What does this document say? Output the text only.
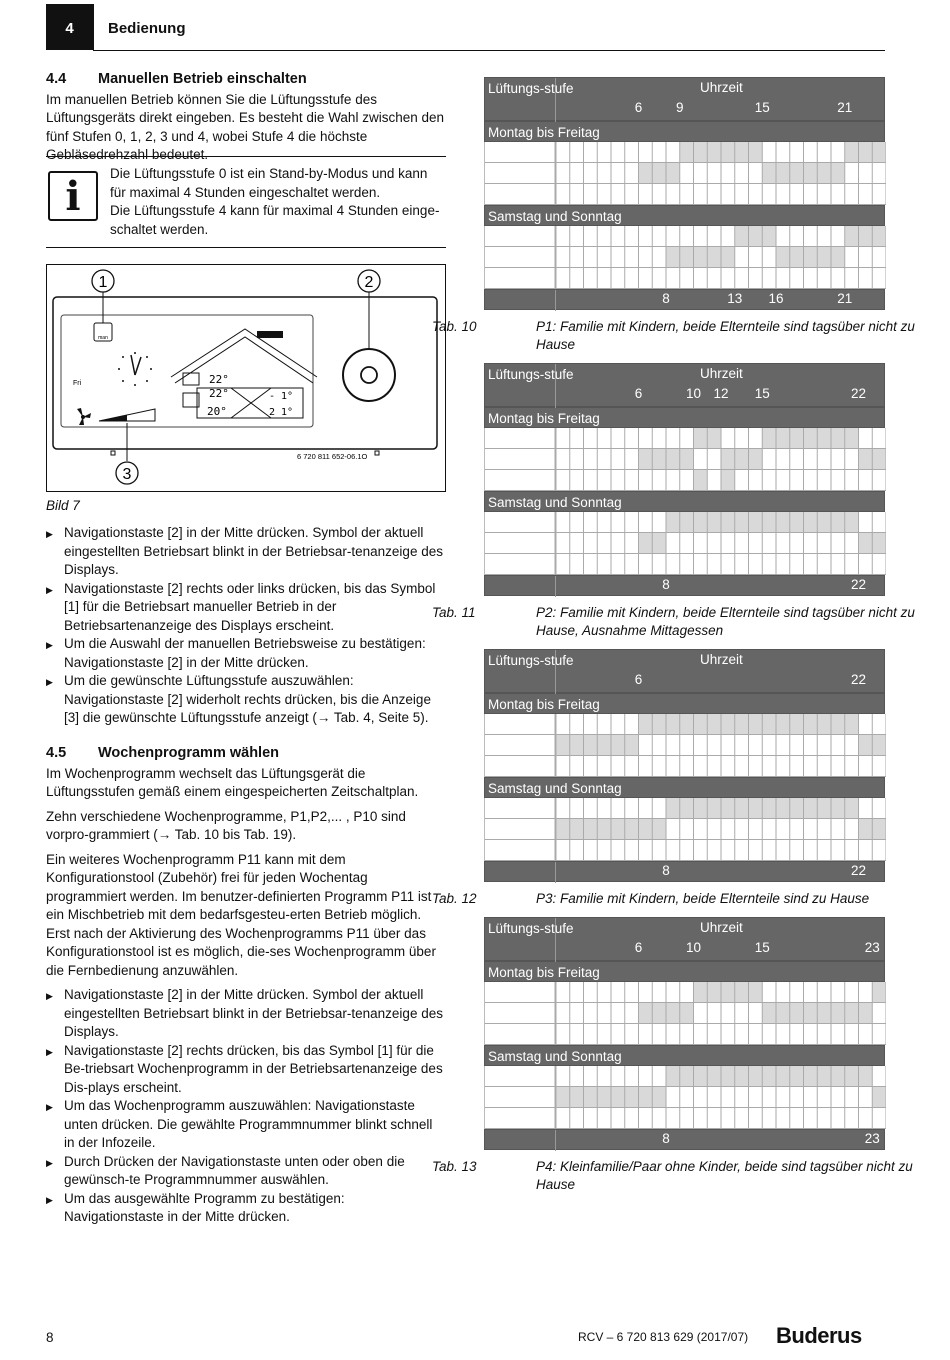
4	Bedienung
4.4	Manuellen Betrieb einschalten

Im manuellen Betrieb können Sie die Lüftungsstufe des Lüftungsgeräts direkt eingeben. Es besteht die Wahl zwischen den fünf Stufen 0, 1, 2, 3 und 4, wobei Stufe 4 die höchste Gebläsedrehzahl bedeutet.

i	Die Lüftungsstufe 0 ist ein Stand-by-Modus und kann für maximal 4 Stunden eingeschaltet werden.
Die Lüftungsstufe 4 kann für maximal 4 Stunden einge-schaltet werden.
1
man
2
Fri
3
22°
22°
20°
- 1°
2 1°
6 720 811 652-06.1O
Bild 7
▶ Navigationstaste [2] in der Mitte drücken. Symbol der aktuell eingestellten Betriebsart blinkt in der Betriebsar-tenanzeige des Displays.
▶ Navigationstaste [2] rechts oder links drücken, bis das Symbol [1] für die Betriebsart manueller Betrieb in der Betriebsartenanzeige des Displays erscheint.
▶ Um die Auswahl der manuellen Betriebsweise zu bestätigen: Navigationstaste [2] in der Mitte drücken.
▶ Um die gewünschte Lüftungsstufe auszuwählen: Navigationstaste [2] widerholt rechts drücken, bis die Anzeige [3] die gewünschte Lüftungsstufe anzeigt (→ Tab. 4, Seite 5).
4.5	Wochenprogramm wählen

Im Wochenprogramm wechselt das Lüftungsgerät die Lüftungsstufen gemäß einem eingespeicherten Zeitschaltplan.

Zehn verschiedene Wochenprogramme, P1,P2,... , P10 sind vorpro-grammiert (→ Tab. 10 bis Tab. 19).

Ein weiteres Wochenprogramm P11 kann mit dem Konfigurationstool (Zubehör) frei für jeden Wochentag programmiert werden. Im benutzer-definierten Programm P11 ist ein Mischbetrieb mit dem bedarfsgesteu-erten Betrieb möglich. Erst nach der Aktivierung des Wochenprogramms P11 über das Konfigurationstool ist es möglich, die-ses Wochenprogramm über die Fernbedienung anzuwählen.

▶ Navigationstaste [2] in der Mitte drücken. Symbol der aktuell eingestellten Betriebsart blinkt in der Betriebsar-tenanzeige des Displays.
▶ Navigationstaste [2] rechts drücken, bis das Symbol [1] für die Be-triebsart Wochenprogramm in der Betriebsartenanzeige des Dis-plays erscheint.
▶ Um das Wochenprogramm auszuwählen: Navigationstaste unten drücken. Die gewählte Programmnummer blinkt schnell in der Infozeile.
▶ Durch Drücken der Navigationstaste unten oder oben die gewünsch-te Programmnummer auswählen.
▶ Um das ausgewählte Programm zu bestätigen: Navigationstaste in der Mitte drücken.
Lüftungs-stufe	Uhrzeit
6 9	15	21
Montag bis Freitag
Samstag und Sonntag
8	13 16	21
Tab. 10	P1: Familie mit Kindern, beide Elternteile sind tagsüber nicht zu Hause
Lüftungs-stufe	Uhrzeit
6	10 12 15	22
Montag bis Freitag
Samstag und Sonntag
8	22
Tab. 11	P2: Familie mit Kindern, beide Elternteile sind tagsüber nicht zu Hause, Ausnahme Mittagessen
Lüftungs-stufe	Uhrzeit
6	22
Montag bis Freitag
Samstag und Sonntag
8	22
Tab. 12	P3: Familie mit Kindern, beide Elternteile sind zu Hause
Lüftungs-stufe	Uhrzeit
6	10	15	23
Montag bis Freitag
Samstag und Sonntag
8	23
Tab. 13	P4: Kleinfamilie/Paar ohne Kinder, beide sind tagsüber nicht zu Hause
8	RCV – 6 720 813 629 (2017/07) Buderus
